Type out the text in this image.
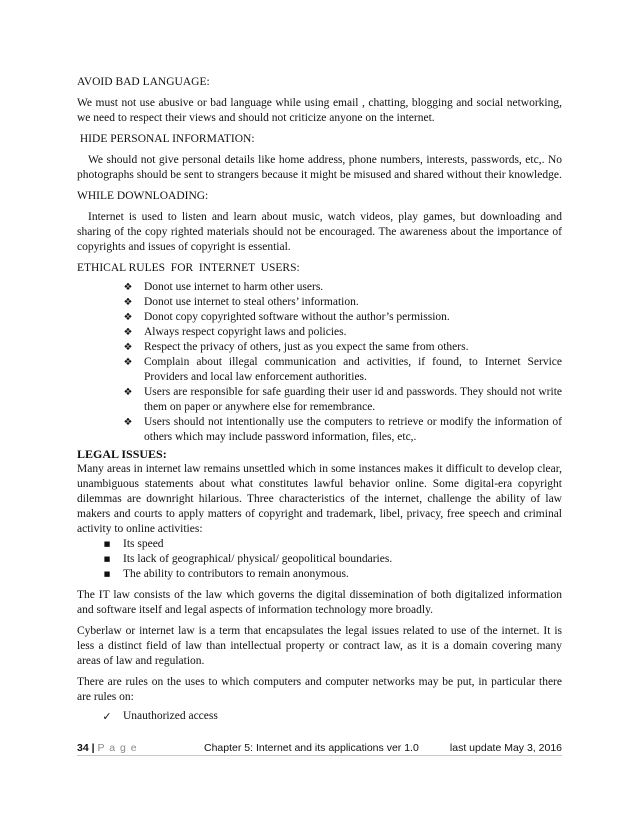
AVOID BAD LANGUAGE:

We must not use abusive or bad language while using email , chatting, blogging and social networking, we need to respect their views and should not criticize anyone on the internet.

HIDE PERSONAL INFORMATION:

We should not give personal details like home address, phone numbers, interests, passwords, etc,. No photographs should be sent to strangers because it might be misused and shared without their knowledge.

WHILE DOWNLOADING:

Internet is used to listen and learn about music, watch videos, play games, but downloading and sharing of the copy righted materials should not be encouraged. The awareness about the importance of copyrights and issues of copyright is essential.

ETHICAL RULES  FOR  INTERNET  USERS:
❖	Donot use internet to harm other users.
❖	Donot use internet to steal others’ information.
❖	Donot copy copyrighted software without the author’s permission.
❖	Always respect copyright laws and policies.
❖	Respect the privacy of others, just as you expect the same from others.
❖	Complain about illegal communication and activities, if found, to Internet Service Providers and local law enforcement authorities.
❖	Users are responsible for safe guarding their user id and passwords. They should not write them on paper or anywhere else for remembrance.
❖	Users should not intentionally use the computers to retrieve or modify the information of others which may include password information, files, etc,.
LEGAL ISSUES:

Many areas in internet law remains unsettled which in some instances makes it difficult to develop clear, unambiguous statements about what constitutes lawful behavior online. Some digital-era copyright dilemmas are downright hilarious. Three characteristics of the internet, challenge the ability of law makers and courts to apply matters of copyright and trademark, libel, privacy, free speech and criminal activity to online activities:

■	Its speed
■	Its lack of geographical/ physical/ geopolitical boundaries.
■	The ability to contributors to remain anonymous.

The IT law consists of the law which governs the digital dissemination of both digitalized information and software itself and legal aspects of information technology more broadly.

Cyberlaw or internet law is a term that encapsulates the legal issues related to use of the internet. It is less a distinct field of law than intellectual property or contract law, as it is a domain covering many areas of law and regulation.

There are rules on the uses to which computers and computer networks may be put, in particular there are rules on:

✓ Unauthorized access
34 | P a g e	Chapter 5: Internet and its applications ver 1.0	last update May 3, 2016
